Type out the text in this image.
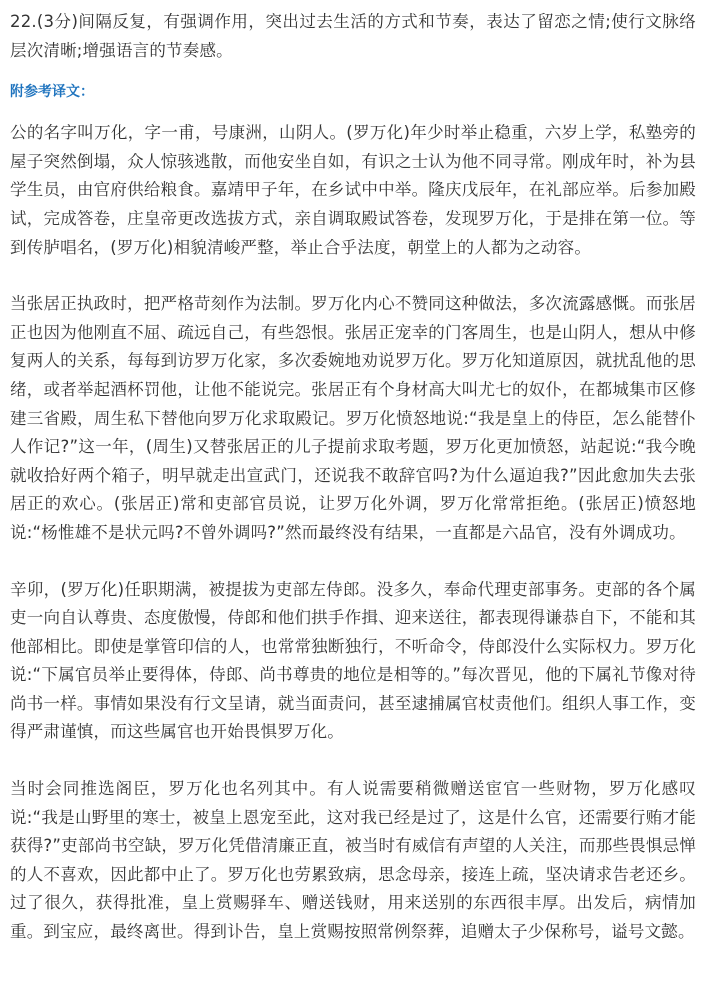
22.(3分)间隔反复，有强调作用，突出过去生活的方式和节奏，表达了留恋之情;使行文脉络层次清晰;增强语言的节奏感。

附参考译文：

公的名字叫万化，字一甫，号康洲，山阴人。(罗万化)年少时举止稳重，六岁上学，私塾旁的屋子突然倒塌，众人惊骇逃散，而他安坐自如，有识之士认为他不同寻常。刚成年时，补为县学生员，由官府供给粮食。嘉靖甲子年，在乡试中中举。隆庆戊辰年，在礼部应举。后参加殿试，完成答卷，庄皇帝更改选拔方式，亲自调取殿试答卷，发现罗万化，于是排在第一位。等到传胪唱名，(罗万化)相貌清峻严整，举止合乎法度，朝堂上的人都为之动容。

当张居正执政时，把严格苛刻作为法制。罗万化内心不赞同这种做法，多次流露感慨。而张居正也因为他刚直不屈、疏远自己，有些怨恨。张居正宠幸的门客周生，也是山阴人，想从中修复两人的关系，每每到访罗万化家，多次委婉地劝说罗万化。罗万化知道原因，就扰乱他的思绪，或者举起酒杯罚他，让他不能说完。张居正有个身材高大叫尤七的奴仆，在都城集市区修建三省殿，周生私下替他向罗万化求取殿记。罗万化愤怒地说:“我是皇上的侍臣，怎么能替仆人作记?”这一年，(周生)又替张居正的儿子提前求取考题，罗万化更加愤怒，站起说:“我今晚就收拾好两个箱子，明早就走出宣武门，还说我不敢辞官吗?为什么逼迫我?”因此愈加失去张居正的欢心。(张居正)常和吏部官员说，让罗万化外调，罗万化常常拒绝。(张居正)愤怒地说:“杨惟雄不是状元吗?不曾外调吗?”然而最终没有结果，一直都是六品官，没有外调成功。

辛卯，(罗万化)任职期满，被提拔为吏部左侍郎。没多久，奉命代理吏部事务。吏部的各个属吏一向自认尊贵、态度傲慢，侍郎和他们拱手作揖、迎来送往，都表现得谦恭自下，不能和其他部相比。即使是掌管印信的人，也常常独断独行，不听命令，侍郎没什么实际权力。罗万化说:“下属官员举止要得体，侍郎、尚书尊贵的地位是相等的。”每次晋见，他的下属礼节像对待尚书一样。事情如果没有行文呈请，就当面责问，甚至逮捕属官杖责他们。组织人事工作，变得严肃谨慎，而这些属官也开始畏惧罗万化。

当时会同推选阁臣，罗万化也名列其中。有人说需要稍微赠送宦官一些财物，罗万化感叹说:“我是山野里的寒士，被皇上恩宠至此，这对我已经是过了，这是什么官，还需要行贿才能获得?”吏部尚书空缺，罗万化凭借清廉正直，被当时有威信有声望的人关注，而那些畏惧忌惮的人不喜欢，因此都中止了。罗万化也劳累致病，思念母亲，接连上疏，坚决请求告老还乡。过了很久，获得批准，皇上赏赐驿车、赠送钱财，用来送别的东西很丰厚。出发后，病情加重。到宝应，最终离世。得到讣告，皇上赏赐按照常例祭葬，追赠太子少保称号，谥号文懿。
